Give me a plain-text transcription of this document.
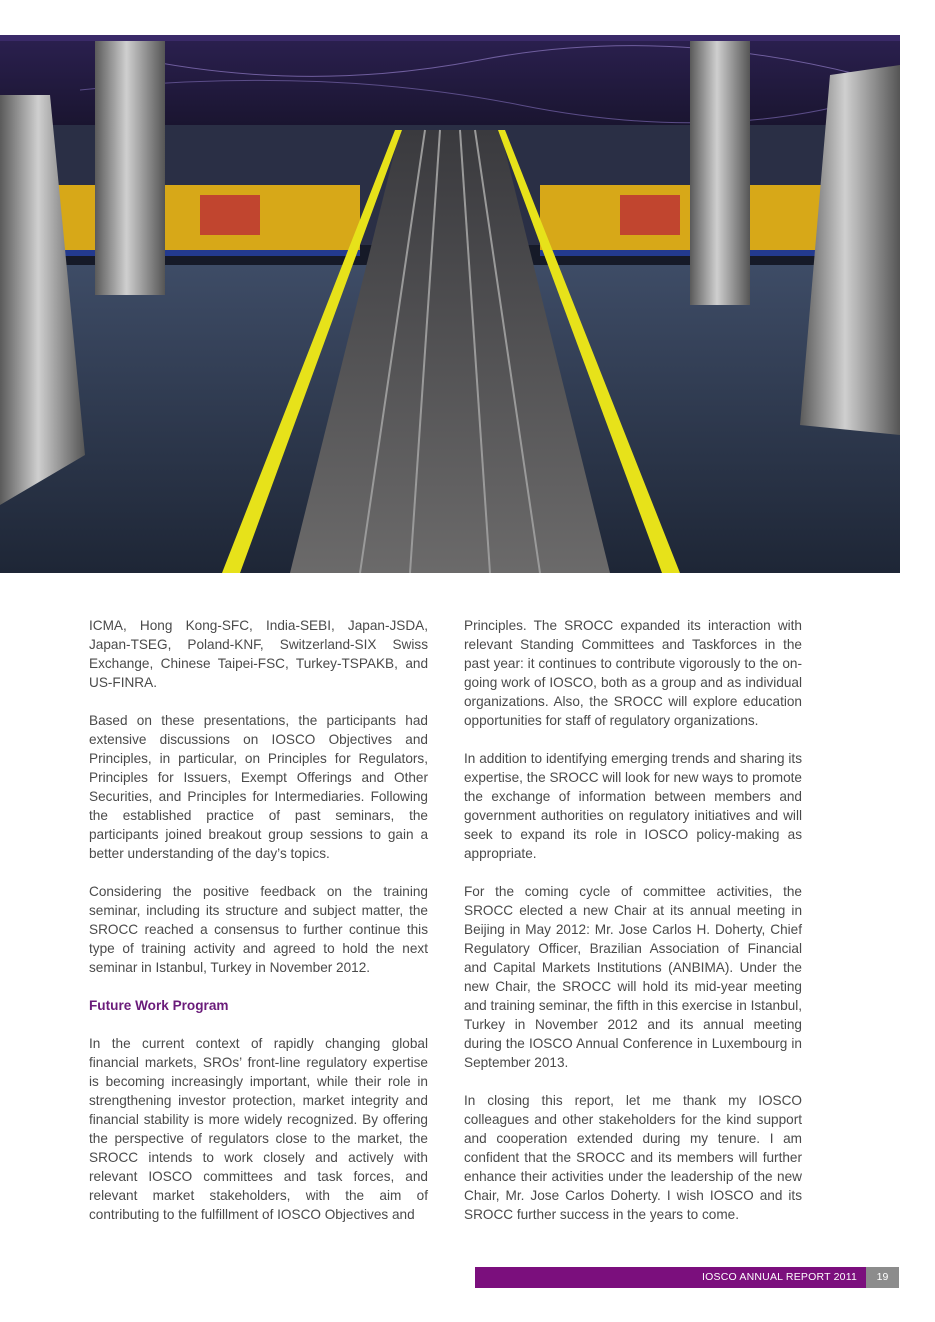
ICMA, Hong Kong-SFC, India-SEBI, Japan-JSDA, Japan-TSEG, Poland-KNF, Switzerland-SIX Swiss Exchange, Chinese Taipei-FSC, Turkey-TSPAKB, and US-FINRA.

Based on these presentations, the participants had extensive discussions on IOSCO Objectives and Principles, in particular, on Principles for Regulators, Principles for Issuers, Exempt Offerings and Other Securities, and Principles for Intermediaries. Following the established practice of past seminars, the participants joined breakout group sessions to gain a better understanding of the day’s topics.

Considering the positive feedback on the training seminar, including its structure and subject matter, the SROCC reached a consensus to further continue this type of training activity and agreed to hold the next seminar in Istanbul, Turkey in November 2012.

Future Work Program

In the current context of rapidly changing global financial markets, SROs’ front-line regulatory expertise is becoming increasingly important, while their role in strengthening investor protection, market integrity and financial stability is more widely recognized. By offering the perspective of regulators close to the market, the SROCC intends to work closely and actively with relevant IOSCO committees and task forces, and relevant market stakeholders, with the aim of contributing to the fulfillment of IOSCO Objectives and

Principles. The SROCC expanded its interaction with relevant Standing Committees and Taskforces in the past year: it continues to contribute vigorously to the on-going work of IOSCO, both as a group and as individual organizations. Also, the SROCC will explore education opportunities for staff of regulatory organizations.

In addition to identifying emerging trends and sharing its expertise, the SROCC will look for new ways to promote the exchange of information between members and government authorities on regulatory initiatives and will seek to expand its role in IOSCO policy-making as appropriate.

For the coming cycle of committee activities, the SROCC elected a new Chair at its annual meeting in Beijing in May 2012: Mr. Jose Carlos H. Doherty, Chief Regulatory Officer, Brazilian Association of Financial and Capital Markets Institutions (ANBIMA). Under the new Chair, the SROCC will hold its mid-year meeting and training seminar, the fifth in this exercise in Istanbul, Turkey in November 2012 and its annual meeting during the IOSCO Annual Conference in Luxembourg in September 2013.

In closing this report, let me thank my IOSCO colleagues and other stakeholders for the kind support and cooperation extended during my tenure. I am confident that the SROCC and its members will further enhance their activities under the leadership of the new Chair, Mr. Jose Carlos Doherty. I wish IOSCO and its SROCC further success in the years to come.

IOSCO ANNUAL REPORT 2011	19
